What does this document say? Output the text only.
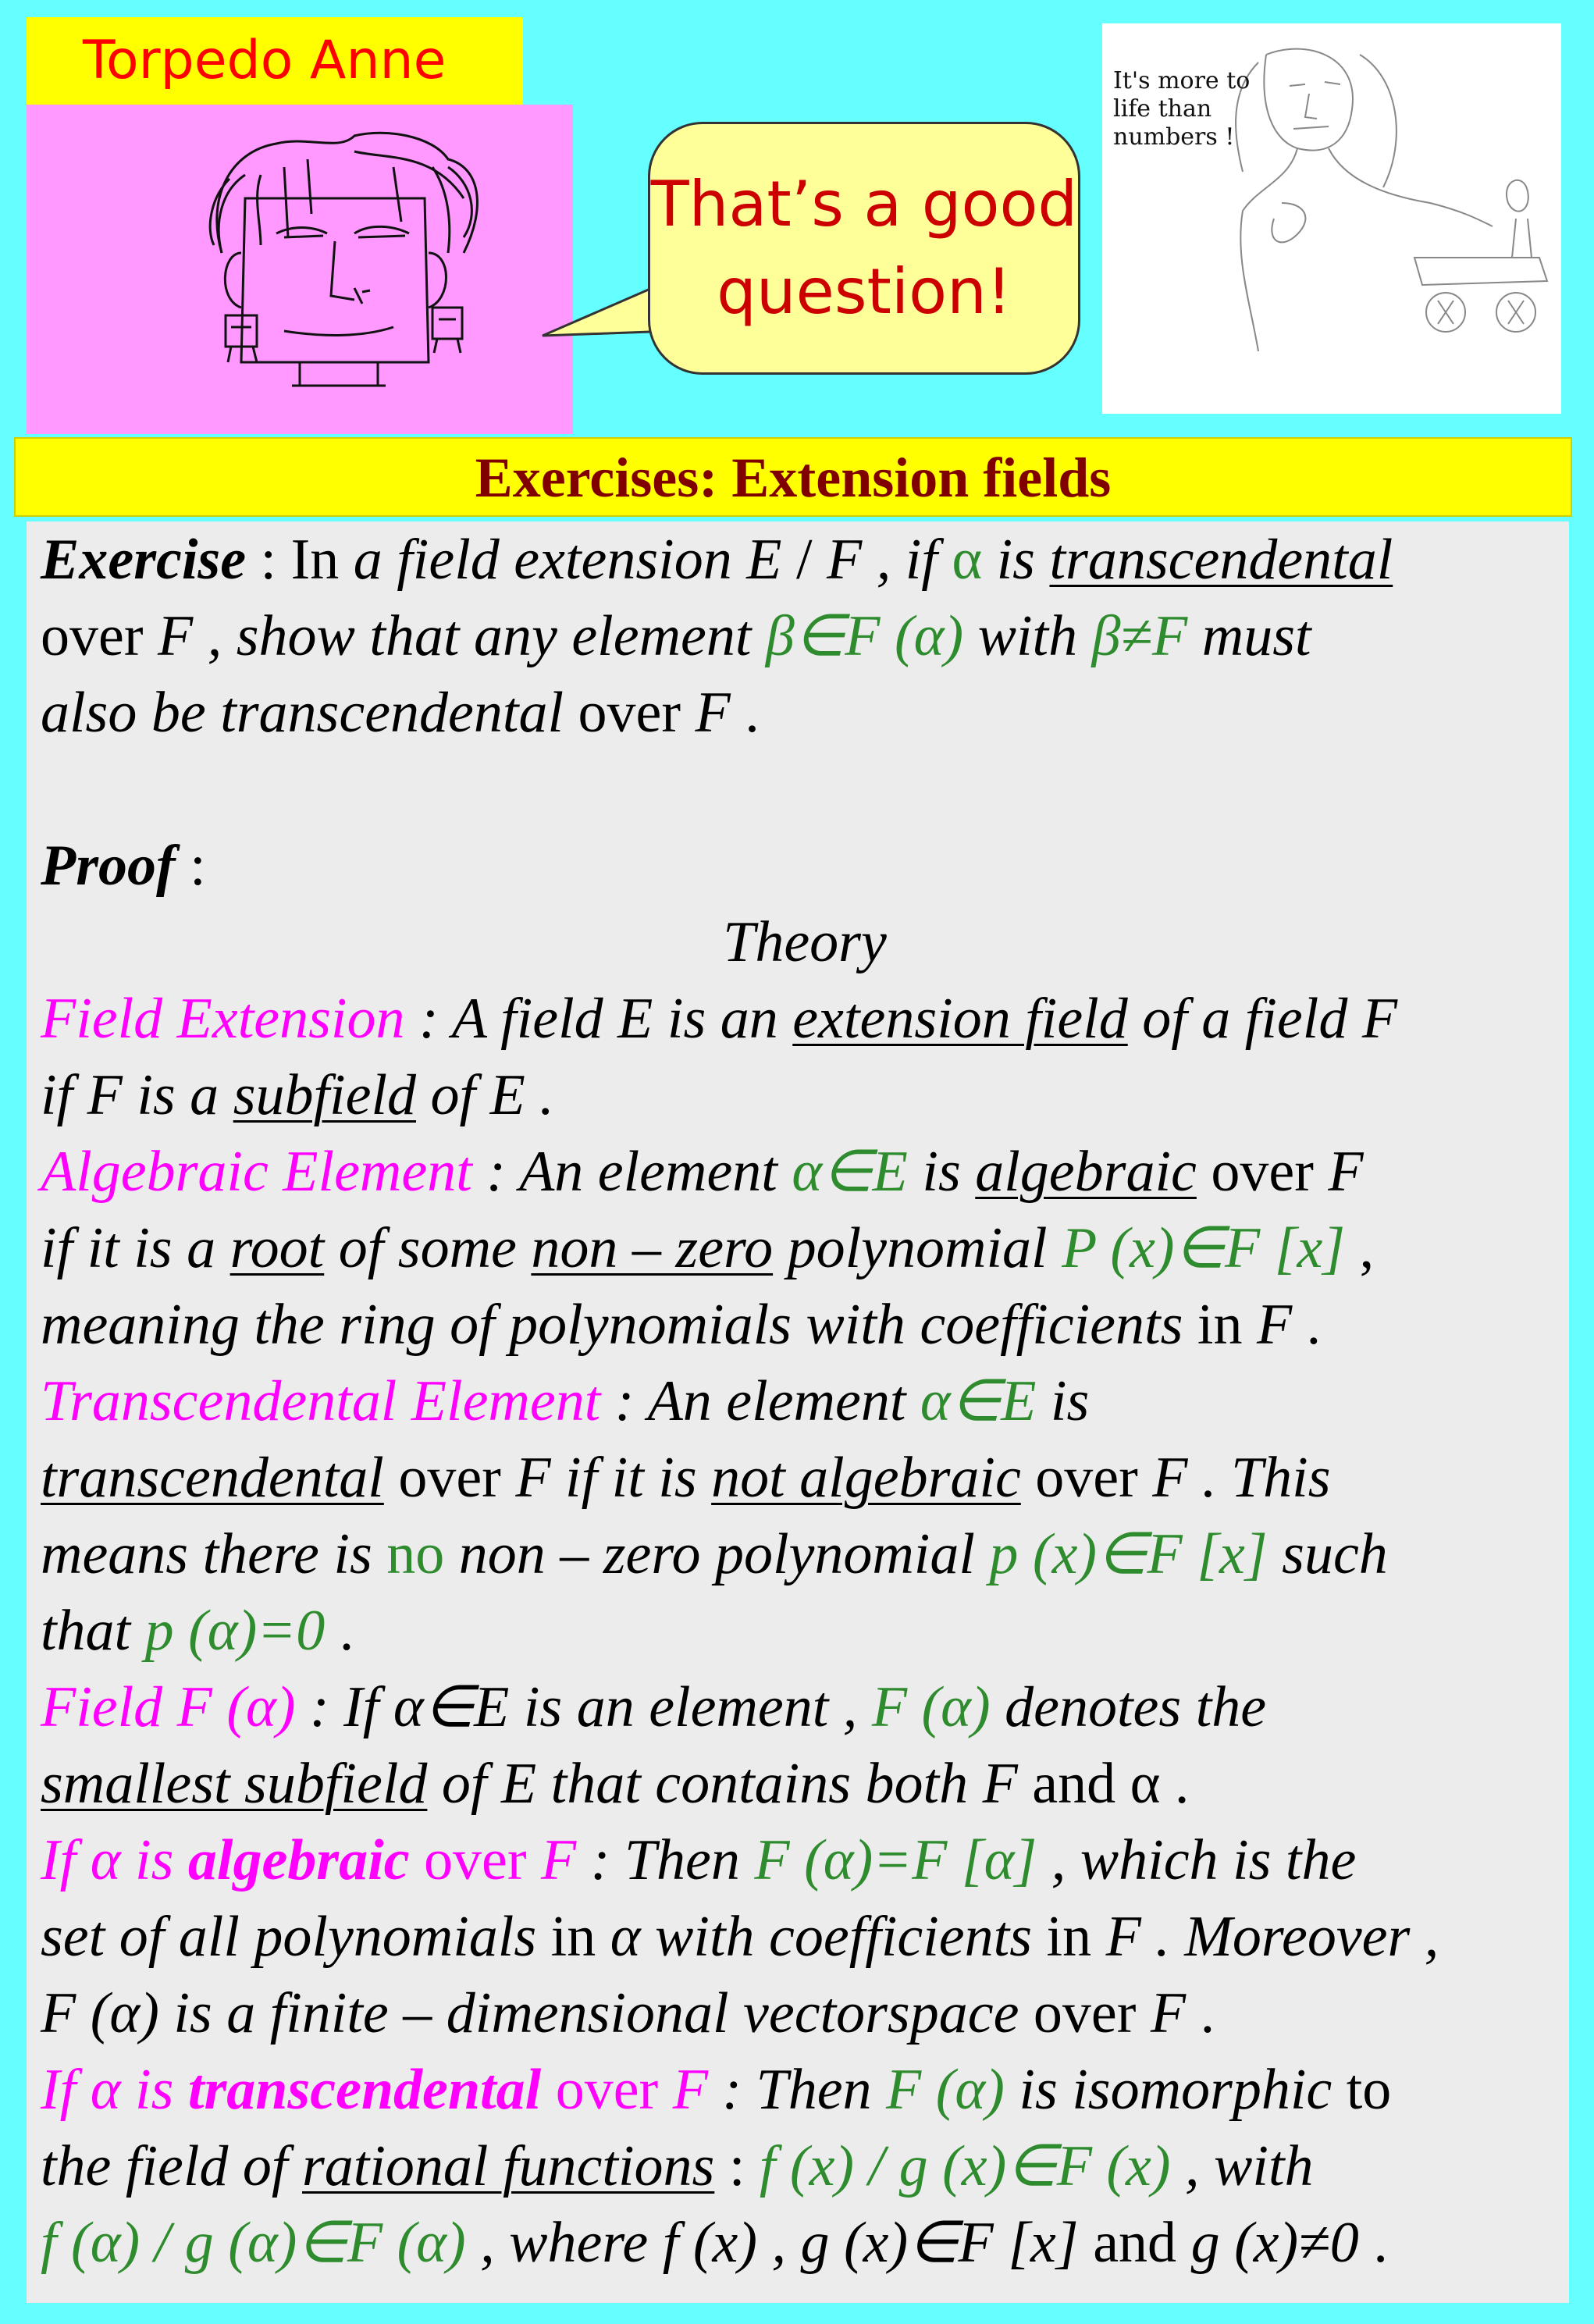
Torpedo Anne
That’s a good
question!
It's more to
life than
numbers !
Exercises: Extension fields
Exercise : In a field extension E / F , if α is transcendental
over F , show that any element β∈F (α) with β≠F must
also be transcendental over F .
Proof :
Theory
Field Extension : A field E is an extension field of a field F
if F is a subfield of E .
Algebraic Element : An element α∈E is algebraic over F
if it is a root of some non – zero polynomial P (x)∈F [x] ,
meaning the ring of polynomials with coefficients in F .
Transcendental Element : An element α∈E is
transcendental over F if it is not algebraic over F . This
means there is no non – zero polynomial p (x)∈F [x] such
that p (α)=0 .
Field F (α) : If α∈E is an element , F (α) denotes the
smallest subfield of E that contains both F and α .
If α is algebraic over F : Then F (α)=F [α] , which is the
set of all polynomials in α with coefficients in F . Moreover ,
F (α) is a finite – dimensional vectorspace over F .
If α is transcendental over F : Then F (α) is isomorphic to
the field of rational functions : f (x) / g (x)∈F (x) , with
f (α) / g (α)∈F (α) , where f (x) , g (x)∈F [x] and g (x)≠0 .
